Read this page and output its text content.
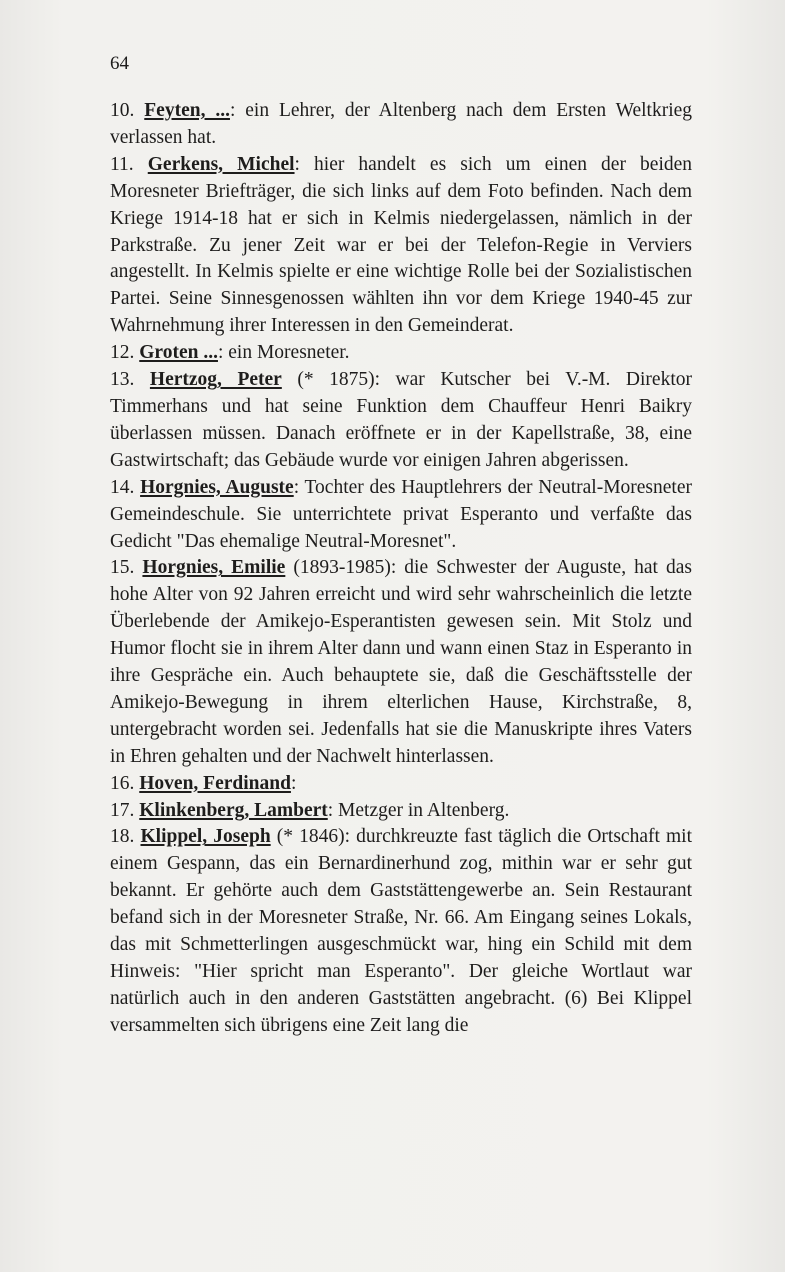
64

10. Feyten, ...: ein Lehrer, der Altenberg nach dem Ersten Weltkrieg verlassen hat.

11. Gerkens, Michel: hier handelt es sich um einen der beiden Moresneter Briefträger, die sich links auf dem Foto befinden. Nach dem Kriege 1914-18 hat er sich in Kelmis niedergelassen, nämlich in der Parkstraße. Zu jener Zeit war er bei der Telefon-Regie in Verviers angestellt. In Kelmis spielte er eine wichtige Rolle bei der Sozialistischen Partei. Seine Sinnesgenossen wählten ihn vor dem Kriege 1940-45 zur Wahrnehmung ihrer Interessen in den Gemeinderat.

12. Groten ...: ein Moresneter.

13. Hertzog, Peter (* 1875): war Kutscher bei V.-M. Direktor Timmerhans und hat seine Funktion dem Chauffeur Henri Baikry überlassen müssen. Danach eröffnete er in der Kapellstraße, 38, eine Gastwirtschaft; das Gebäude wurde vor einigen Jahren abgerissen.

14. Horgnies, Auguste: Tochter des Hauptlehrers der Neutral-Moresneter Gemeindeschule. Sie unterrichtete privat Esperanto und verfaßte das Gedicht "Das ehemalige Neutral-Moresnet".

15. Horgnies, Emilie (1893-1985): die Schwester der Auguste, hat das hohe Alter von 92 Jahren erreicht und wird sehr wahrscheinlich die letzte Überlebende der Amikejo-Esperantisten gewesen sein. Mit Stolz und Humor flocht sie in ihrem Alter dann und wann einen Staz in Esperanto in ihre Gespräche ein. Auch behauptete sie, daß die Geschäftsstelle der Amikejo-Bewegung in ihrem elterlichen Hause, Kirchstraße, 8, untergebracht worden sei. Jedenfalls hat sie die Manuskripte ihres Vaters in Ehren gehalten und der Nachwelt hinterlassen.

16. Hoven, Ferdinand:

17. Klinkenberg, Lambert: Metzger in Altenberg.

18. Klippel, Joseph (* 1846): durchkreuzte fast täglich die Ortschaft mit einem Gespann, das ein Bernardinerhund zog, mithin war er sehr gut bekannt. Er gehörte auch dem Gaststättengewerbe an. Sein Restaurant befand sich in der Moresneter Straße, Nr. 66. Am Eingang seines Lokals, das mit Schmetterlingen ausgeschmückt war, hing ein Schild mit dem Hinweis: "Hier spricht man Esperanto". Der gleiche Wortlaut war natürlich auch in den anderen Gaststätten angebracht. (6) Bei Klippel versammelten sich übrigens eine Zeit lang die
